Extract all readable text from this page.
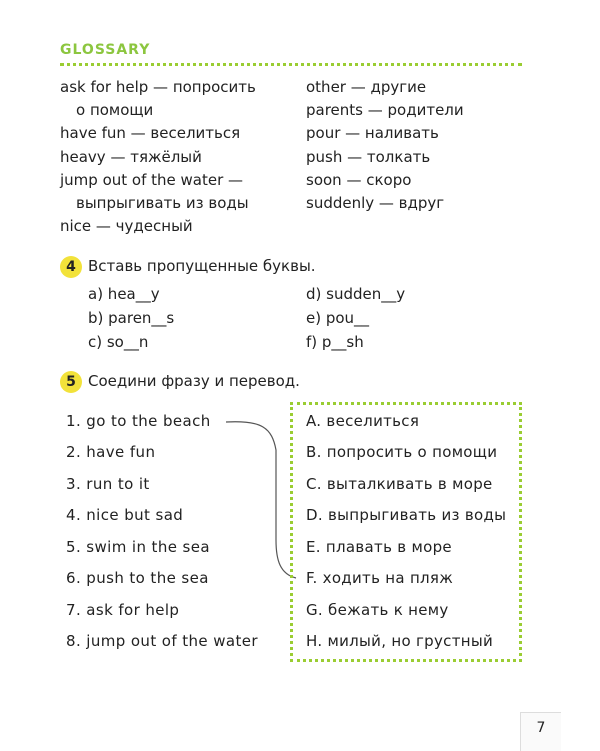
GLOSSARY
ask for help — попросить
о помощи
have fun — веселиться
heavy — тяжёлый
jump out of the water —
выпрыгивать из воды
nice — чудесный
other — другие
parents — родители
pour — наливать
push — толкать
soon — скоро
suddenly — вдруг
4 Вставь пропущенные буквы.
a) hea__y
b) paren__s
c) so__n
d) sudden__y
e) pou__
f) p__sh
5 Соедини фразу и перевод.
1. go to the beach
2. have fun
3. run to it
4. nice but sad
5. swim in the sea
6. push to the sea
7. ask for help
8. jump out of the water
A. веселиться
B. попросить о помощи
C. выталкивать в море
D. выпрыгивать из воды
E. плавать в море
F. ходить на пляж
G. бежать к нему
H. милый, но грустный
7
